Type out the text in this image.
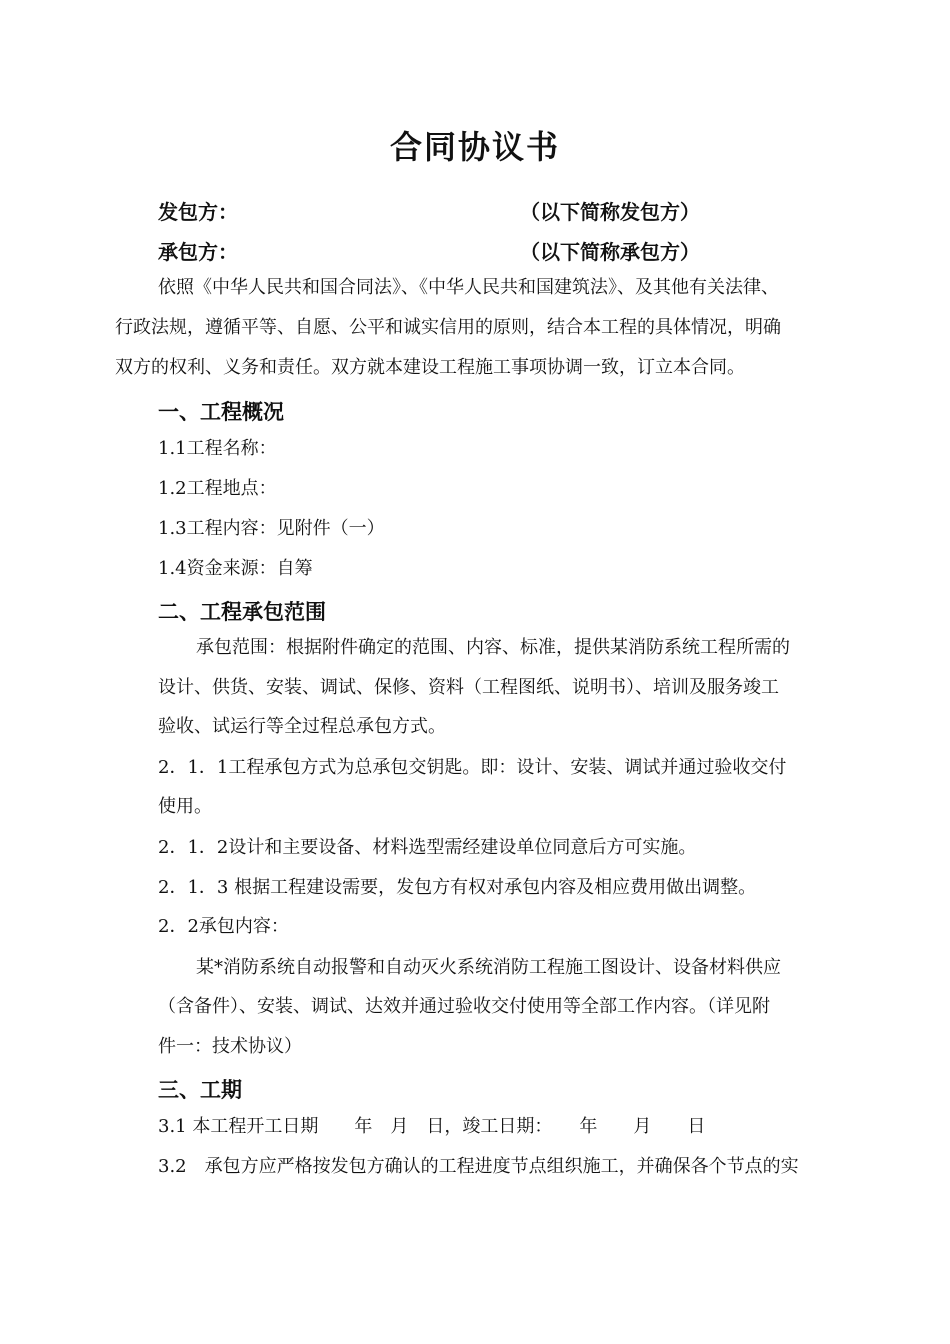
合同协议书
发包方：	（以下简称发包方）
承包方：	（以下简称承包方）
依照《中华人民共和国合同法》、《中华人民共和国建筑法》、及其他有关法律、
行政法规，遵循平等、自愿、公平和诚实信用的原则，结合本工程的具体情况，明确
双方的权利、义务和责任。双方就本建设工程施工事项协调一致，订立本合同。
一、工程概况
1.1工程名称：
1.2工程地点：
1.3工程内容：见附件（一）
1.4资金来源：自筹
二、工程承包范围
承包范围：根据附件确定的范围、内容、标准，提供某消防系统工程所需的
设计、供货、安装、调试、保修、资料（工程图纸、说明书）、培训及服务竣工
验收、试运行等全过程总承包方式。
2．1．1工程承包方式为总承包交钥匙。即：设计、安装、调试并通过验收交付
使用。
2．1．2设计和主要设备、材料选型需经建设单位同意后方可实施。
2．1．3 根据工程建设需要，发包方有权对承包内容及相应费用做出调整。
2．2承包内容：
某*消防系统自动报警和自动灭火系统消防工程施工图设计、设备材料供应
（含备件）、安装、调试、达效并通过验收交付使用等全部工作内容。（详见附
件一：技术协议）
三、工期
3.1 本工程开工日期　　年　月　日，竣工日期：　　年　　月　　日
3.2　承包方应严格按发包方确认的工程进度节点组织施工，并确保各个节点的实
